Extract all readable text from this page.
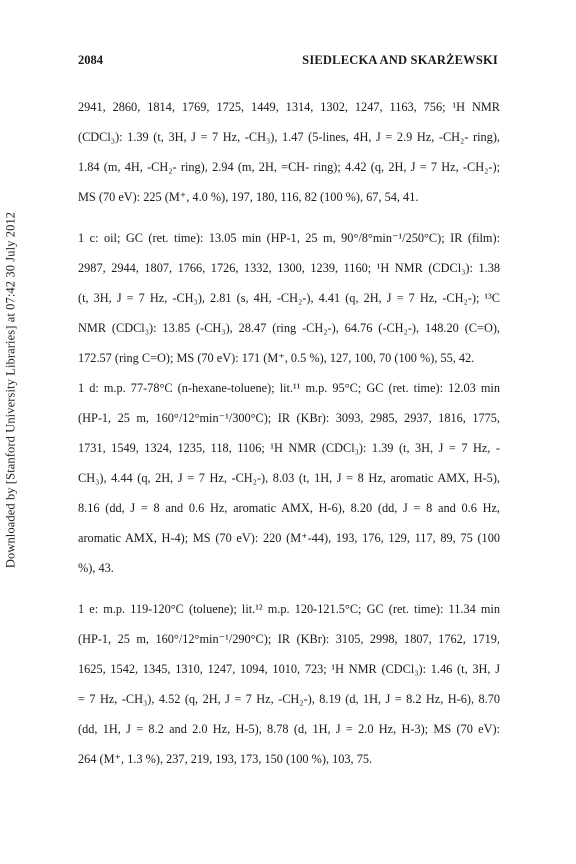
Downloaded by [Stanford University Libraries] at 07:42 30 July 2012
2084	SIEDLECKA AND SKARŻEWSKI
2941, 2860, 1814, 1769, 1725, 1449, 1314, 1302, 1247, 1163, 756; ¹H NMR
(CDCl₃): 1.39 (t, 3H, J = 7 Hz, -CH₃), 1.47 (5-lines, 4H, J = 2.9 Hz, -CH₂- ring),
1.84 (m, 4H, -CH₂- ring), 2.94 (m, 2H, =CH- ring); 4.42 (q, 2H, J = 7 Hz, -CH₂-);
MS (70 eV): 225 (M⁺, 4.0 %), 197, 180, 116, 82 (100 %), 67, 54, 41.
1 c: oil; GC (ret. time): 13.05 min (HP-1, 25 m, 90°/8°min⁻¹/250°C); IR (film):
2987, 2944, 1807, 1766, 1726, 1332, 1300, 1239, 1160; ¹H NMR (CDCl₃): 1.38
(t, 3H, J = 7 Hz, -CH₃), 2.81 (s, 4H, -CH₂-), 4.41 (q, 2H, J = 7 Hz, -CH₂-); ¹³C
NMR (CDCl₃): 13.85 (-CH₃), 28.47 (ring -CH₂-), 64.76 (-CH₂-), 148.20 (C=O),
172.57 (ring C=O); MS (70 eV): 171 (M⁺, 0.5 %), 127, 100, 70 (100 %), 55, 42.
1 d: m.p. 77-78°C (n-hexane-toluene); lit.¹¹ m.p. 95°C; GC (ret. time): 12.03 min
(HP-1, 25 m, 160°/12°min⁻¹/300°C); IR (KBr): 3093, 2985, 2937, 1816, 1775,
1731, 1549, 1324, 1235, 118, 1106; ¹H NMR (CDCl₃): 1.39 (t, 3H, J = 7 Hz, -
CH₃), 4.44 (q, 2H, J = 7 Hz, -CH₂-), 8.03 (t, 1H, J = 8 Hz, aromatic AMX, H-5),
8.16 (dd, J = 8 and 0.6 Hz, aromatic AMX, H-6), 8.20 (dd, J = 8 and 0.6 Hz,
aromatic AMX, H-4); MS (70 eV): 220 (M⁺-44), 193, 176, 129, 117, 89, 75 (100
%), 43.
1 e: m.p. 119-120°C (toluene); lit.¹² m.p. 120-121.5°C; GC (ret. time): 11.34 min
(HP-1, 25 m, 160°/12°min⁻¹/290°C); IR (KBr): 3105, 2998, 1807, 1762, 1719,
1625, 1542, 1345, 1310, 1247, 1094, 1010, 723; ¹H NMR (CDCl₃): 1.46 (t, 3H, J
= 7 Hz, -CH₃), 4.52 (q, 2H, J = 7 Hz, -CH₂-), 8.19 (d, 1H, J = 8.2 Hz, H-6), 8.70
(dd, 1H, J = 8.2 and 2.0 Hz, H-5), 8.78 (d, 1H, J = 2.0 Hz, H-3); MS (70 eV):
264 (M⁺, 1.3 %), 237, 219, 193, 173, 150 (100 %), 103, 75.
